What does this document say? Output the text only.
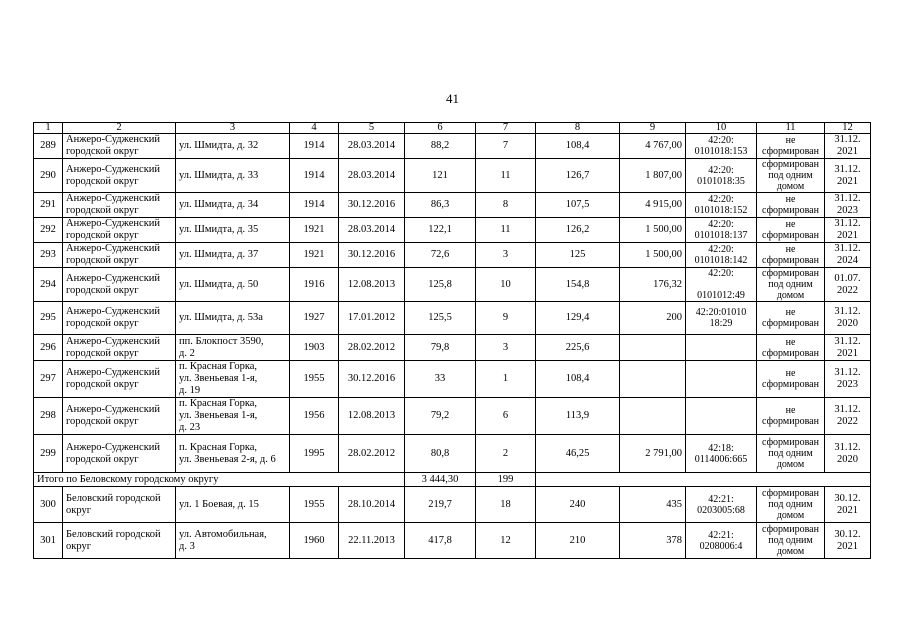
41
1	2	3	4	5	6	7	8	9	10	11	12
289	Анжеро-Судженский городской округ	ул. Шмидта, д. 32	1914	28.03.2014	88,2	7	108,4	4 767,00	42:20:
0101018:153	не
сформирован	31.12.
2021
290	Анжеро-Судженский городской округ	ул. Шмидта, д. 33	1914	28.03.2014	121	11	126,7	1 807,00	42:20:
0101018:35	сформирован
под одним
домом	31.12.
2021
291	Анжеро-Судженский городской округ	ул. Шмидта, д. 34	1914	30.12.2016	86,3	8	107,5	4 915,00	42:20:
0101018:152	не
сформирован	31.12.
2023
292	Анжеро-Судженский городской округ	ул. Шмидта, д. 35	1921	28.03.2014	122,1	11	126,2	1 500,00	42:20:
0101018:137	не
сформирован	31.12.
2021
293	Анжеро-Судженский городской округ	ул. Шмидта, д. 37	1921	30.12.2016	72,6	3	125	1 500,00	42:20:
0101018:142	не
сформирован	31.12.
2024
294	Анжеро-Судженский городской округ	ул. Шмидта, д. 50	1916	12.08.2013	125,8	10	154,8	176,32	42:20:

0101012:49	сформирован
под одним
домом	01.07.
2022
295	Анжеро-Судженский городской округ	ул. Шмидта, д. 53а	1927	17.01.2012	125,5	9	129,4	200	42:20:01010
18:29	не
сформирован	31.12.
2020
296	Анжеро-Судженский городской округ	пп. Блокпост 3590,
д. 2	1903	28.02.2012	79,8	3	225,6			не
сформирован	31.12.
2021
297	Анжеро-Судженский городской округ	п. Красная Горка,
ул. Звеньевая 1-я,
д. 19	1955	30.12.2016	33	1	108,4			не
сформирован	31.12.
2023
298	Анжеро-Судженский городской округ	п. Красная Горка,
ул. Звеньевая 1-я,
д. 23	1956	12.08.2013	79,2	6	113,9			не
сформирован	31.12.
2022
299	Анжеро-Судженский городской округ	п. Красная Горка,
ул. Звеньевая 2-я, д. 6	1995	28.02.2012	80,8	2	46,25	2 791,00	42:18:
0114006:665	сформирован
под одним
домом	31.12.
2020
Итого по Беловскому городскому округу					3 444,30	199					
300	Беловский городской округ	ул. 1 Боевая, д. 15	1955	28.10.2014	219,7	18	240	435	42:21:
0203005:68	сформирован
под одним
домом	30.12.
2021
301	Беловский городской округ	ул. Автомобильная,
д. 3	1960	22.11.2013	417,8	12	210	378	42:21:
0208006:4	сформирован
под одним
домом	30.12.
2021
